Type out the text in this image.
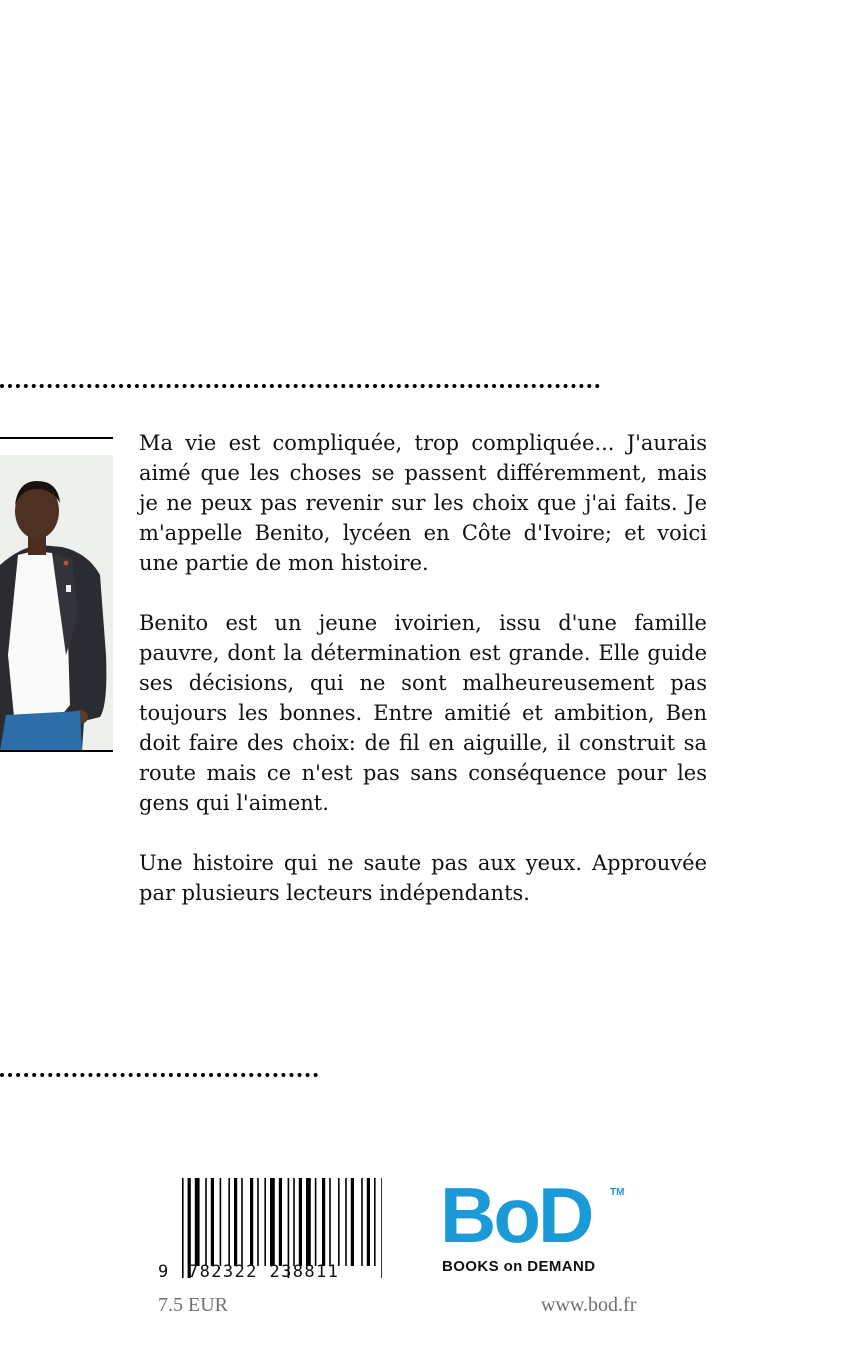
Ma vie est compliquée, trop compliquée... J'aurais aimé que les choses se passent différemment, mais je ne peux pas revenir sur les choix que j'ai faits. Je m'appelle Benito, lycéen en Côte d'Ivoire; et voici une partie de mon histoire.

Benito est un jeune ivoirien, issu d'une famille pauvre, dont la détermination est grande. Elle guide ses décisions, qui ne sont malheureusement pas toujours les bonnes. Entre amitié et ambition, Ben doit faire des choix: de fil en aiguille, il construit sa route mais ce n'est pas sans conséquence pour les gens qui l'aiment.

Une histoire qui ne saute pas aux yeux. Approuvée par plusieurs lecteurs indépendants.

9	782322 238811
7.5 EUR
BoD TM
BOOKS on DEMAND
www.bod.fr
